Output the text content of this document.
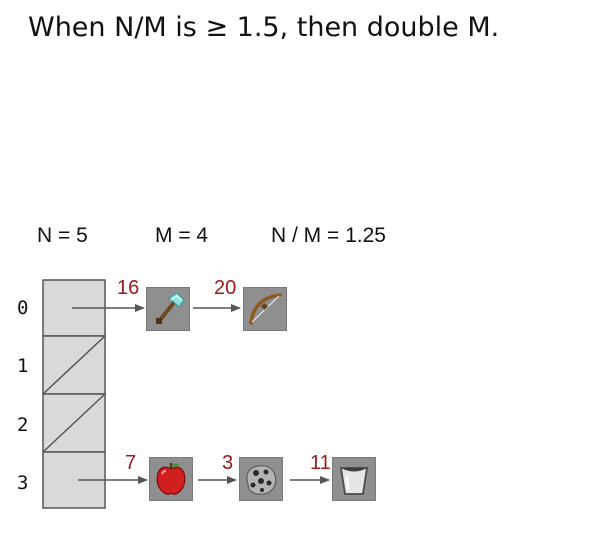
When N/M is ≥ 1.5, then double M.
N = 5	M = 4	N / M = 1.25
0
1
2
3
16	20
7	3	11
